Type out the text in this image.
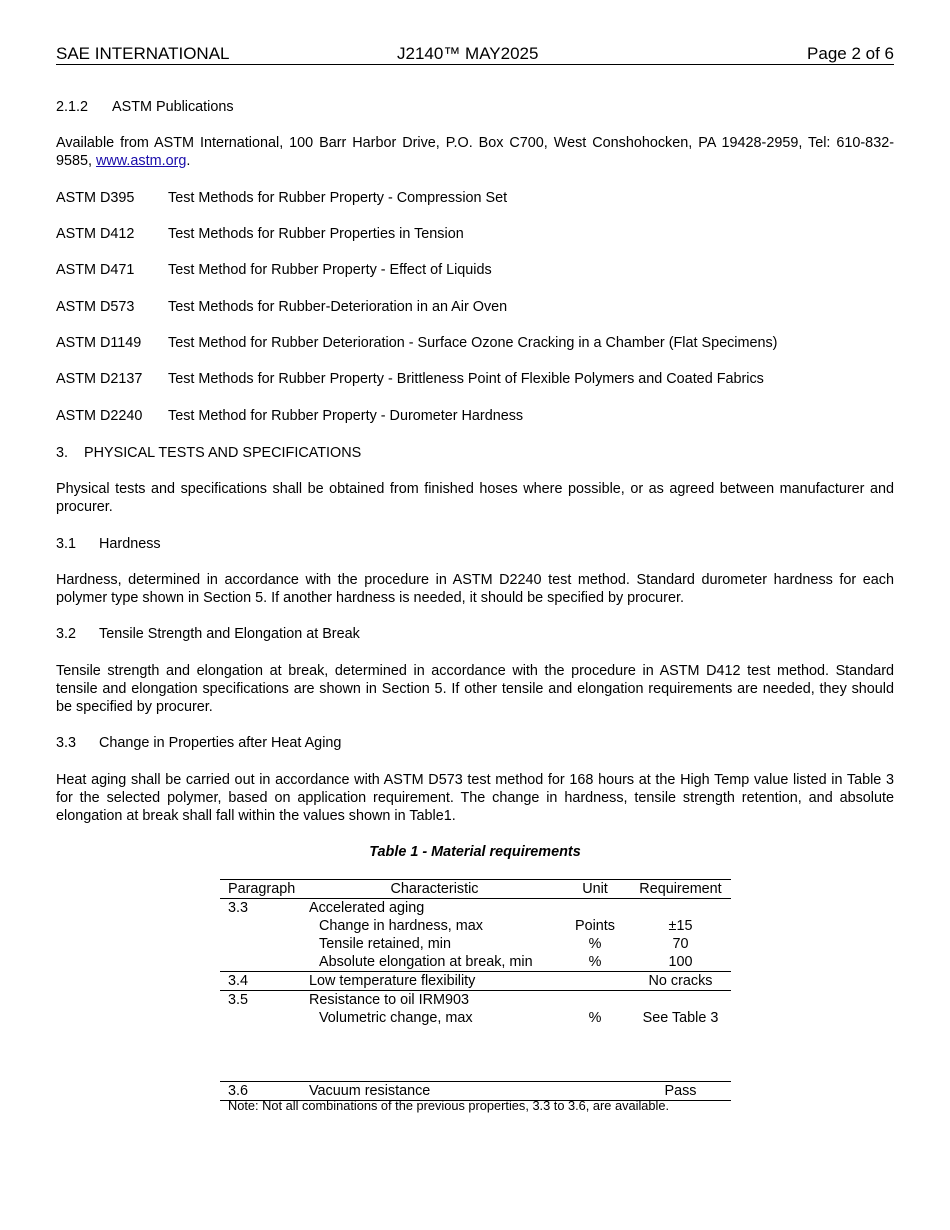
SAE INTERNATIONAL	J2140™ MAY2025	Page 2 of 6
2.1.2 ASTM Publications
Available from ASTM International, 100 Barr Harbor Drive, P.O. Box C700, West Conshohocken, PA 19428-2959, Tel: 610-832-9585, www.astm.org.
ASTM D395 Test Methods for Rubber Property - Compression Set
ASTM D412 Test Methods for Rubber Properties in Tension
ASTM D471 Test Method for Rubber Property - Effect of Liquids
ASTM D573 Test Methods for Rubber-Deterioration in an Air Oven
ASTM D1149 Test Method for Rubber Deterioration - Surface Ozone Cracking in a Chamber (Flat Specimens)
ASTM D2137 Test Methods for Rubber Property - Brittleness Point of Flexible Polymers and Coated Fabrics
ASTM D2240 Test Method for Rubber Property - Durometer Hardness
3. PHYSICAL TESTS AND SPECIFICATIONS
Physical tests and specifications shall be obtained from finished hoses where possible, or as agreed between manufacturer and procurer.
3.1 Hardness
Hardness, determined in accordance with the procedure in ASTM D2240 test method. Standard durometer hardness for each polymer type shown in Section 5. If another hardness is needed, it should be specified by procurer.
3.2 Tensile Strength and Elongation at Break
Tensile strength and elongation at break, determined in accordance with the procedure in ASTM D412 test method. Standard tensile and elongation specifications are shown in Section 5. If other tensile and elongation requirements are needed, they should be specified by procurer.
3.3 Change in Properties after Heat Aging
Heat aging shall be carried out in accordance with ASTM D573 test method for 168 hours at the High Temp value listed in Table 3 for the selected polymer, based on application requirement. The change in hardness, tensile strength retention, and absolute elongation at break shall fall within the values shown in Table1.
Table 1 - Material requirements
Paragraph	Characteristic	Unit	Requirement
3.3	Accelerated aging		
	Change in hardness, max	Points	±15
	Tensile retained, min	%	70
	Absolute elongation at break, min	%	100
3.4	Low temperature flexibility		No cracks
3.5	Resistance to oil IRM903		
	Volumetric change, max	%	See Table 3

3.6	Vacuum resistance		Pass
Note: Not all combinations of the previous properties, 3.3 to 3.6, are available.
